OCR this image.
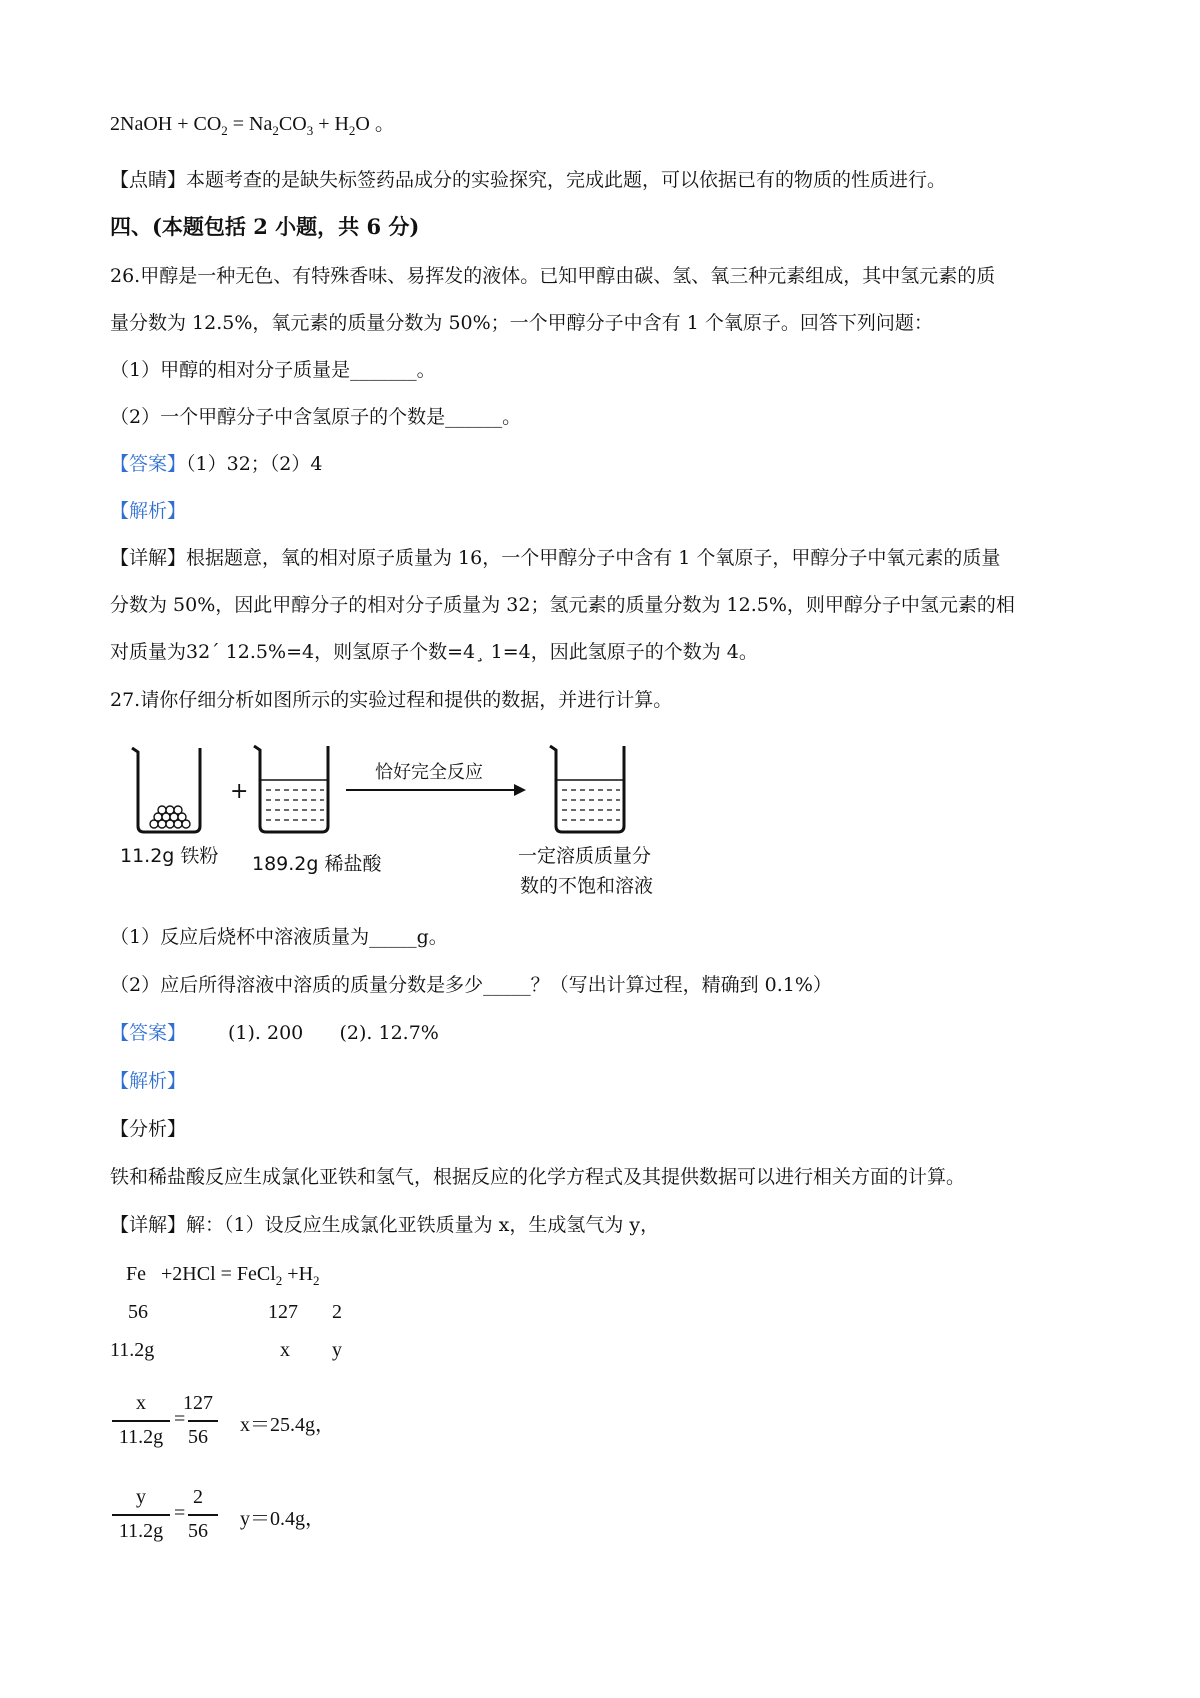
2NaOH + $CO_2 = Na_2CO_3 + H_2O$ 。
【点睛】本题考查的是缺失标签药品成分的实验探究，完成此题，可以依据已有的物质的性质进行。
四、(本题包括 2 小题，共 6 分)
26.甲醇是一种无色、有特殊香味、易挥发的液体。已知甲醇由碳、氢、氧三种元素组成，其中氢元素的质
量分数为 12.5%，氧元素的质量分数为 50%；一个甲醇分子中含有 1 个氧原子。回答下列问题：
（1）甲醇的相对分子质量是_______。
（2）一个甲醇分子中含氢原子的个数是______。
【答案】（1）32；（2）4
【解析】
【详解】根据题意，氧的相对原子质量为 16，一个甲醇分子中含有 1 个氧原子，甲醇分子中氧元素的质量
分数为 50%，因此甲醇分子的相对分子质量为 32；氢元素的质量分数为 12.5%，则甲醇分子中氢元素的相
对质量为32´ 12.5%=4，则氢原子个数=4¸ 1=4，因此氢原子的个数为 4。
27.请你仔细分析如图所示的实验过程和提供的数据，并进行计算。
11.2g 铁粉
+
189.2g 稀盐酸
恰好完全反应
一定溶质质量分
数的不饱和溶液
（1）反应后烧杯中溶液质量为_____g。
（2）应后所得溶液中溶质的质量分数是多少_____？（写出计算过程，精确到 0.1%）
【答案】 (1). 200      (2). 12.7%
【解析】
【分析】
铁和稀盐酸反应生成氯化亚铁和氢气，根据反应的化学方程式及其提供数据可以进行相关方面的计算。
【详解】解：（1）设反应生成氯化亚铁质量为 x，生成氢气为 y，
Fe +2HCl = FeCl$_2$ $+H_2$
56	127 2
11.2g	x y
x
11.2g
=
127
56
x＝25.4g，
y
11.2g
=
2
56
y＝0.4g，
